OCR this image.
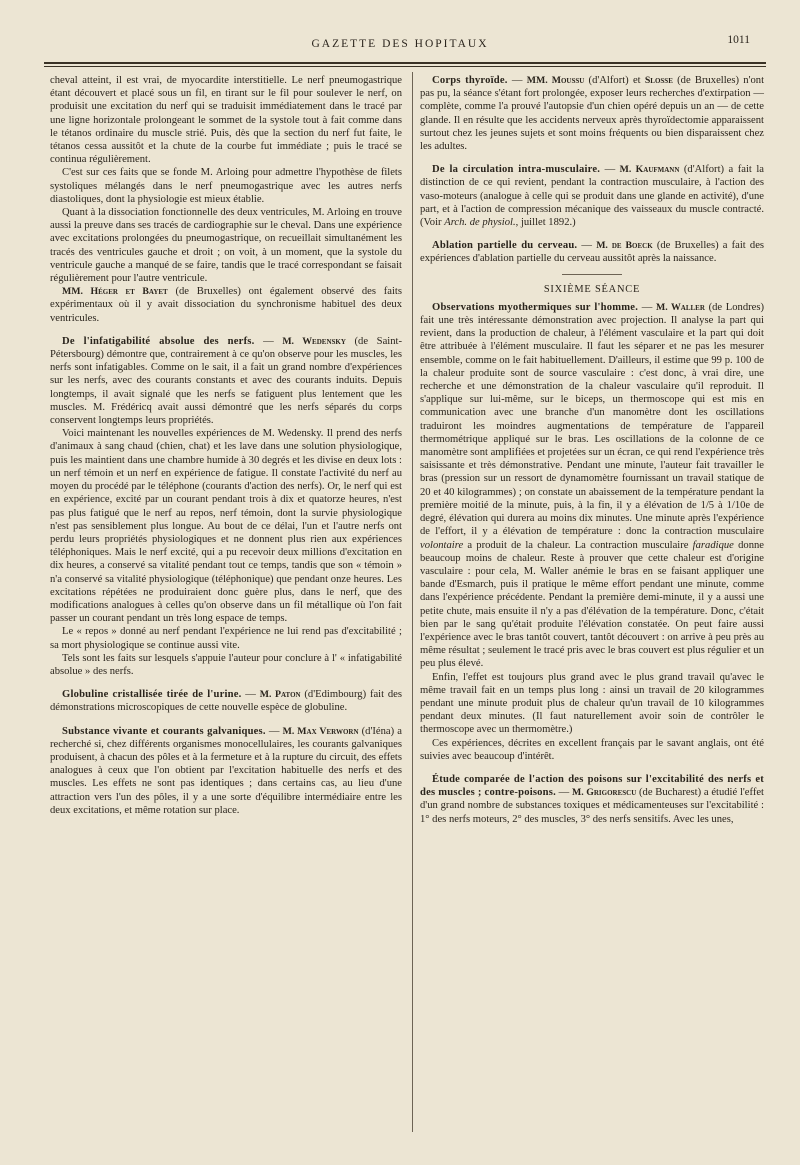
GAZETTE DES HOPITAUX	1011

cheval atteint, il est vrai, de myocardite interstitielle. Le nerf pneumogastrique étant découvert et placé sous un fil, en tirant sur le fil pour soulever le nerf, on produisit une excitation du nerf qui se traduisit immédiatement dans le tracé par une ligne horizontale prolongeant le sommet de la systole tout à fait comme dans le tétanos ordinaire du muscle strié. Puis, dès que la section du nerf fut faite, le tétanos cessa aussitôt et la chute de la courbe fut immédiate ; puis le tracé se continua régulièrement.

C'est sur ces faits que se fonde M. Arloing pour admettre l'hypothèse de filets systoliques mélangés dans le nerf pneumogastrique avec les autres nerfs diastoliques, dont la physiologie est mieux établie.

Quant à la dissociation fonctionnelle des deux ventricules, M. Arloing en trouve aussi la preuve dans ses tracés de cardiographie sur le cheval. Dans une expérience avec excitations prolongées du pneumogastrique, on recueillait simultanément les tracés des ventricules gauche et droit ; on voit, à un moment, que la systole du ventricule gauche a manqué de se faire, tandis que le tracé correspondant se faisait régulièrement pour l'autre ventricule.

MM. Héger et Bayet (de Bruxelles) ont également observé des faits expérimentaux où il y avait dissociation du synchronisme habituel des deux ventricules.

De l'infatigabilité absolue des nerfs. — M. Wedensky (de Saint-Pétersbourg) démontre que, contrairement à ce qu'on observe pour les muscles, les nerfs sont infatigables. Comme on le sait, il a fait un grand nombre d'expériences sur les nerfs, avec des courants constants et avec des courants induits. Depuis longtemps, il avait signalé que les nerfs se fatiguent plus lentement que les muscles. M. Frédéricq avait aussi démontré que les nerfs séparés du corps conservent longtemps leurs propriétés.

Voici maintenant les nouvelles expériences de M. Wedensky. Il prend des nerfs d'animaux à sang chaud (chien, chat) et les lave dans une solution physiologique, puis les maintient dans une chambre humide à 30 degrés et les divise en deux lots : un nerf témoin et un nerf en expérience de fatigue. Il constate l'activité du nerf au moyen du procédé par le téléphone (courants d'action des nerfs). Or, le nerf qui est en expérience, excité par un courant pendant trois à dix et quatorze heures, n'est pas plus fatigué que le nerf au repos, nerf témoin, dont la survie physiologique n'est pas sensiblement plus longue. Au bout de ce délai, l'un et l'autre nerfs ont perdu leurs propriétés physiologiques et ne donnent plus rien aux expériences téléphoniques. Mais le nerf excité, qui a pu recevoir deux millions d'excitation en dix heures, a conservé sa vitalité pendant tout ce temps, tandis que son « témoin » n'a conservé sa vitalité physiologique (téléphonique) que pendant onze heures. Les excitations répétées ne produiraient donc guère plus, dans le nerf, que des modifications analogues à celles qu'on observe dans un fil métallique où l'on fait passer un courant pendant un très long espace de temps.

Le « repos » donné au nerf pendant l'expérience ne lui rend pas d'excitabilité ; sa mort physiologique se continue aussi vite.

Tels sont les faits sur lesquels s'appuie l'auteur pour conclure à l' « infatigabilité absolue » des nerfs.

Globuline cristallisée tirée de l'urine. — M. Paton (d'Edimbourg) fait des démonstrations microscopiques de cette nouvelle espèce de globuline.

Substance vivante et courants galvaniques. — M. Max Verworn (d'Iéna) a recherché si, chez différents organismes monocellulaires, les courants galvaniques produisent, à chacun des pôles et à la fermeture et à la rupture du circuit, des effets analogues à ceux que l'on obtient par l'excitation habituelle des nerfs et des muscles. Les effets ne sont pas identiques ; dans certains cas, au lieu d'une attraction vers l'un des pôles, il y a une sorte d'équilibre intermédiaire entre les deux excitations, et même rotation sur place.

Corps thyroïde. — MM. Moussu (d'Alfort) et Slosse (de Bruxelles) n'ont pas pu, la séance s'étant fort prolongée, exposer leurs recherches d'extirpation — complète, comme l'a prouvé l'autopsie d'un chien opéré depuis un an — de cette glande. Il en résulte que les accidents nerveux après thyroïdectomie apparaissent surtout chez les jeunes sujets et sont moins fréquents ou bien disparaissent chez les adultes.

De la circulation intra-musculaire. — M. Kaufmann (d'Alfort) a fait la distinction de ce qui revient, pendant la contraction musculaire, à l'action des vaso-moteurs (analogue à celle qui se produit dans une glande en activité), d'une part, et à l'action de compression mécanique des vaisseaux du muscle contracté. (Voir Arch. de physiol., juillet 1892.)

Ablation partielle du cerveau. — M. de Boeck (de Bruxelles) a fait des expériences d'ablation partielle du cerveau aussitôt après la naissance.

SIXIÈME SÉANCE

Observations myothermiques sur l'homme. — M. Waller (de Londres) fait une très intéressante démonstration avec projection. Il analyse la part qui revient, dans la production de chaleur, à l'élément vasculaire et la part qui doit être attribuée à l'élément musculaire. Il faut les séparer et ne pas les mesurer ensemble, comme on le fait habituellement. D'ailleurs, il estime que 99 p. 100 de la chaleur produite sont de source vasculaire : c'est donc, à vrai dire, une recherche et une démonstration de la chaleur vasculaire qu'il reproduit. Il s'applique sur lui-même, sur le biceps, un thermoscope qui est mis en communication avec une branche d'un manomètre dont les oscillations traduiront les moindres augmentations de température de l'appareil thermométrique appliqué sur le bras. Les oscillations de la colonne de ce manomètre sont amplifiées et projetées sur un écran, ce qui rend l'expérience très saisissante et très démonstrative. Pendant une minute, l'auteur fait travailler le bras (pression sur un ressort de dynamomètre fournissant un travail statique de 20 et 40 kilogrammes) ; on constate un abaissement de la température pendant la première moitié de la minute, puis, à la fin, il y a élévation de 1/5 à 1/10e de degré, élévation qui durera au moins dix minutes. Une minute après l'expérience de l'effort, il y a élévation de température : donc la contraction musculaire volontaire a produit de la chaleur. La contraction musculaire faradique donne beaucoup moins de chaleur. Reste à prouver que cette chaleur est d'origine vasculaire : pour cela, M. Waller anémie le bras en se faisant appliquer une bande d'Esmarch, puis il pratique le même effort pendant une minute, comme dans l'expérience précédente. Pendant la première demi-minute, il y a aussi une petite chute, mais ensuite il n'y a pas d'élévation de la température. Donc, c'était bien par le sang qu'était produite l'élévation constatée. On peut faire aussi l'expérience avec le bras tantôt couvert, tantôt découvert : on arrive à peu près au même résultat ; seulement le tracé pris avec le bras couvert est plus régulier et un peu plus élevé.

Enfin, l'effet est toujours plus grand avec le plus grand travail qu'avec le même travail fait en un temps plus long : ainsi un travail de 20 kilogrammes pendant une minute produit plus de chaleur qu'un travail de 10 kilogrammes pendant deux minutes. (Il faut naturellement avoir soin de contrôler le thermoscope avec un thermomètre.)

Ces expériences, décrites en excellent français par le savant anglais, ont été suivies avec beaucoup d'intérêt.

Étude comparée de l'action des poisons sur l'excitabilité des nerfs et des muscles ; contre-poisons. — M. Grigorescu (de Bucharest) a étudié l'effet d'un grand nombre de substances toxiques et médicamenteuses sur l'excitabilité : 1° des nerfs moteurs, 2° des muscles, 3° des nerfs sensitifs. Avec les unes,
